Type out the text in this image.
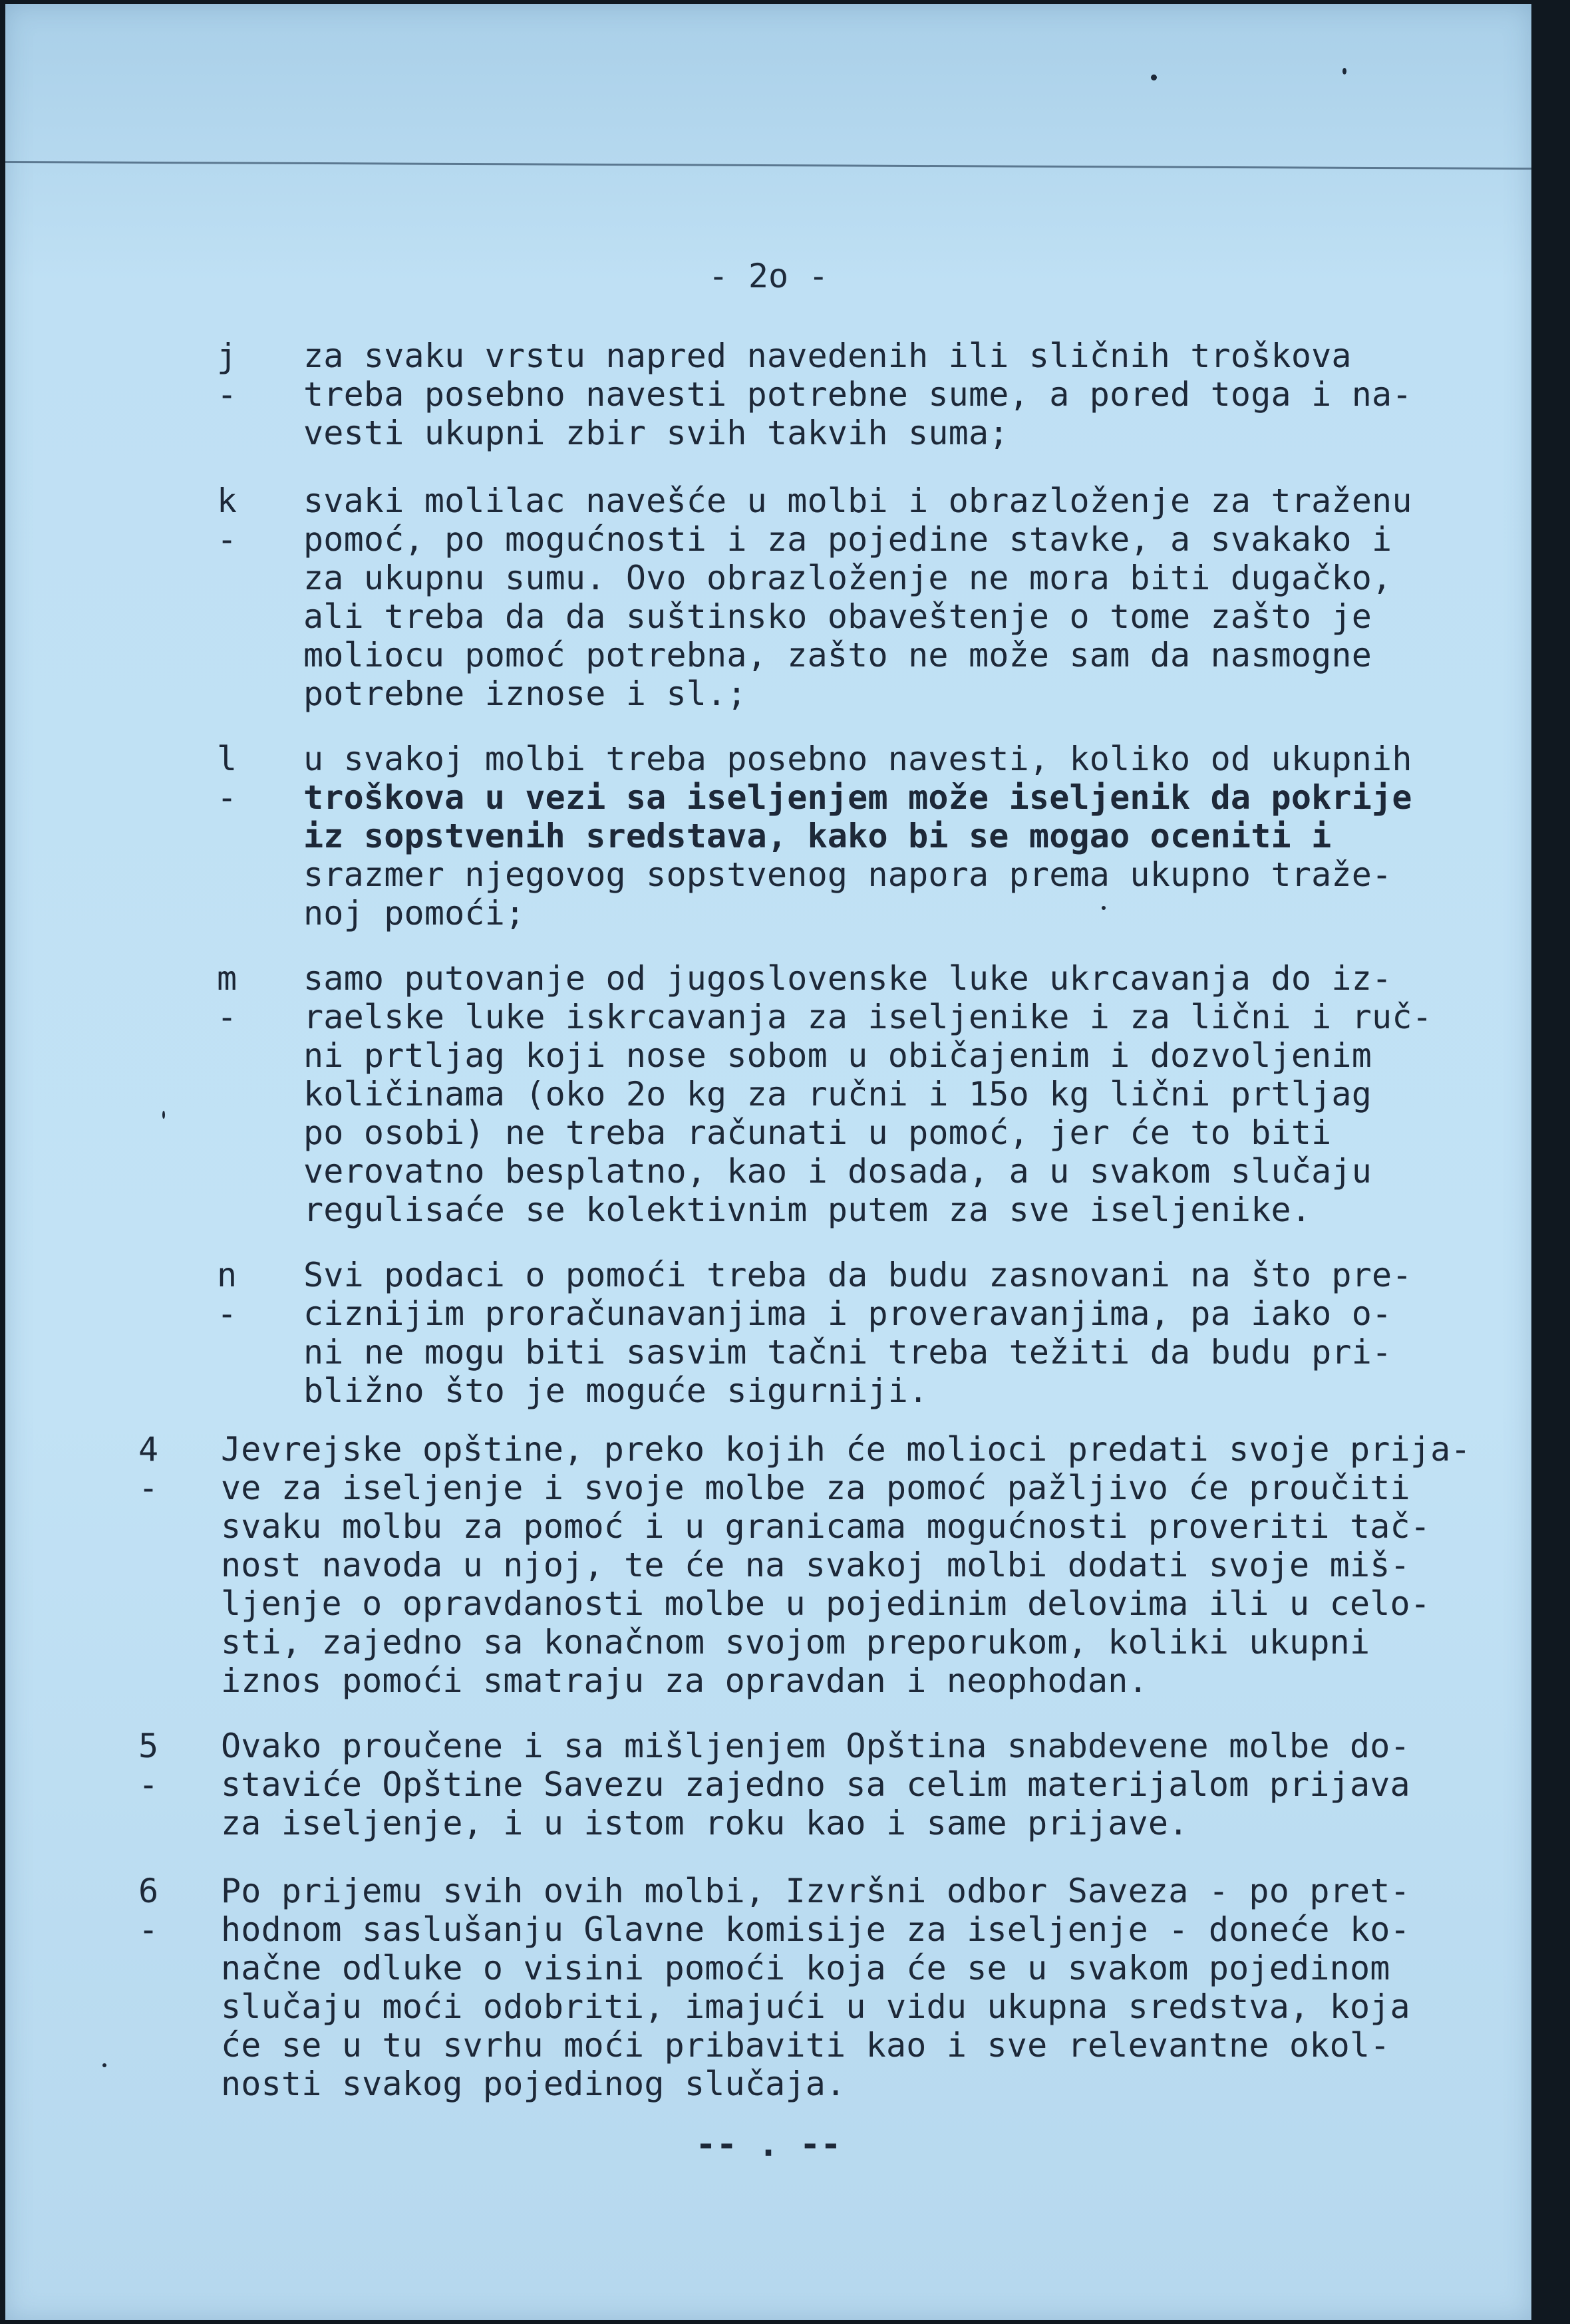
- 2o -
j -
za svaku vrstu napred navedenih ili sličnih troškova
treba posebno navesti potrebne sume, a pored toga i na-
vesti ukupni zbir svih takvih suma;
k -
svaki molilac navešće u molbi i obrazloženje za traženu
pomoć, po mogućnosti i za pojedine stavke, a svakako i
za ukupnu sumu. Ovo obrazloženje ne mora biti dugačko,
ali treba da da suštinsko obaveštenje o tome zašto je
moliocu pomoć potrebna, zašto ne može sam da nasmogne
potrebne iznose i sl.;
l -
u svakoj molbi treba posebno navesti, koliko od ukupnih
troškova u vezi sa iseljenjem može iseljenik da pokrije
iz sopstvenih sredstava, kako bi se mogao oceniti i
srazmer njegovog sopstvenog napora prema ukupno traže-
noj pomoći;
m -
samo putovanje od jugoslovenske luke ukrcavanja do iz-
raelske luke iskrcavanja za iseljenike i za lični i ruč-
ni prtljag koji nose sobom u običajenim i dozvoljenim
količinama (oko 2o kg za ručni i 15o kg lični prtljag
po osobi) ne treba računati u pomoć, jer će to biti
verovatno besplatno, kao i dosada, a u svakom slučaju
regulisaće se kolektivnim putem za sve iseljenike.
n -
Svi podaci o pomoći treba da budu zasnovani na što pre-
ciznijim proračunavanjima i proveravanjima, pa iako o-
ni ne mogu biti sasvim tačni treba težiti da budu pri-
bližno što je moguće sigurniji.
4 -
Jevrejske opštine, preko kojih će molioci predati svoje prija-
ve za iseljenje i svoje molbe za pomoć pažljivo će proučiti
svaku molbu za pomoć i u granicama mogućnosti proveriti tač-
nost navoda u njoj, te će na svakoj molbi dodati svoje miš-
ljenje o opravdanosti molbe u pojedinim delovima ili u celo-
sti, zajedno sa konačnom svojom preporukom, koliki ukupni
iznos pomoći smatraju za opravdan i neophodan.
5 -
Ovako proučene i sa mišljenjem Opština snabdevene molbe do-
staviće Opštine Savezu zajedno sa celim materijalom prijava
za iseljenje, i u istom roku kao i same prijave.
6 -
Po prijemu svih ovih molbi, Izvršni odbor Saveza - po pret-
hodnom saslušanju Glavne komisije za iseljenje - doneće ko-
načne odluke o visini pomoći koja će se u svakom pojedinom
slučaju moći odobriti, imajući u vidu ukupna sredstva, koja
će se u tu svrhu moći pribaviti kao i sve relevantne okol-
nosti svakog pojedinog slučaja.
-- . --
